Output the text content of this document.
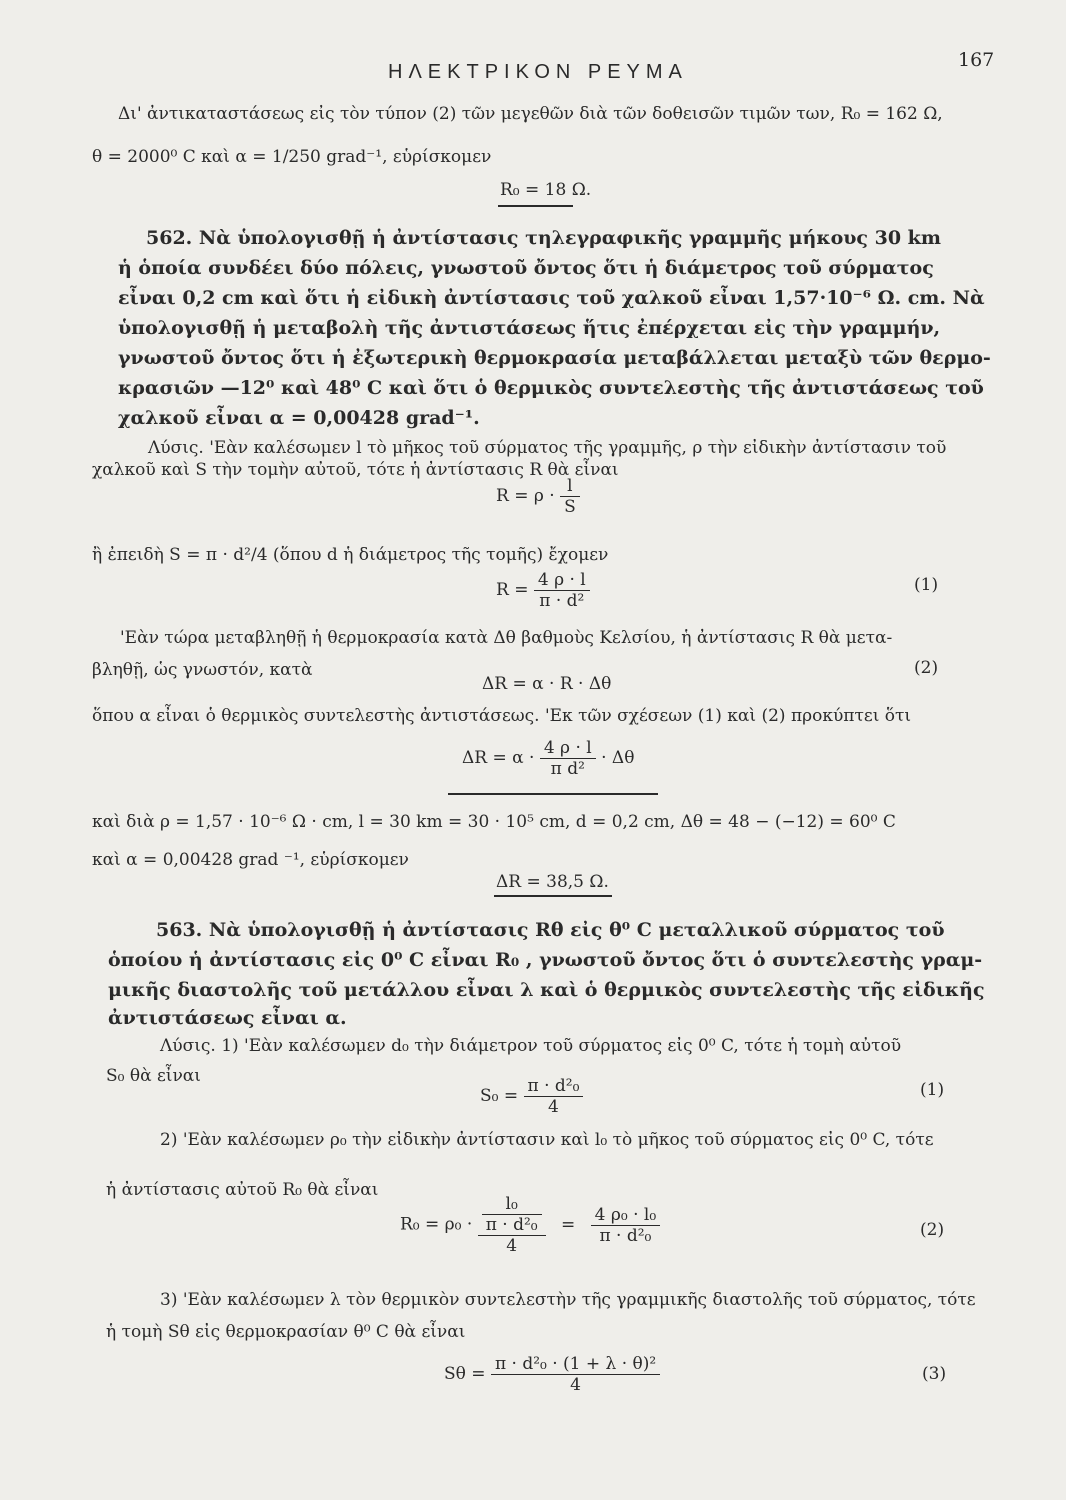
ΗΛΕΚΤΡΙΚΟΝ ΡΕΥΜΑ
167
Δι' ἀντικαταστάσεως εἰς τὸν τύπον (2) τῶν μεγεθῶν διὰ τῶν δοθεισῶν τιμῶν των, R₀ = 162 Ω,
θ = 2000⁰ C καὶ α = 1/250 grad⁻¹, εὑρίσκομεν
R₀ = 18 Ω.
562. Νὰ ὑπολογισθῇ ἡ ἀντίστασις τηλεγραφικῆς γραμμῆς μήκους 30 km
ἡ ὁποία συνδέει δύο πόλεις, γνωστοῦ ὄντος ὅτι ἡ διάμετρος τοῦ σύρματος
εἶναι 0,2 cm καὶ ὅτι ἡ εἰδικὴ ἀντίστασις τοῦ χαλκοῦ εἶναι 1,57·10⁻⁶ Ω. cm. Νὰ
ὑπολογισθῇ ἡ μεταβολὴ τῆς ἀντιστάσεως ἥτις ἐπέρχεται εἰς τὴν γραμμήν,
γνωστοῦ ὄντος ὅτι ἡ ἐξωτερικὴ θερμοκρασία μεταβάλλεται μεταξὺ τῶν θερμο-
κρασιῶν —12⁰ καὶ 48⁰ C καὶ ὅτι ὁ θερμικὸς συντελεστὴς τῆς ἀντιστάσεως τοῦ
χαλκοῦ εἶναι α = 0,00428 grad⁻¹.
Λύσις. 'Εὰν καλέσωμεν l τὸ μῆκος τοῦ σύρματος τῆς γραμμῆς, ρ τὴν εἰδικὴν ἀντίστασιν τοῦ
χαλκοῦ καὶ S τὴν τομὴν αὐτοῦ, τότε ἡ ἀντίστασις R θὰ εἶναι
$R = \rho \cdot \frac{l}{S}$
ἢ ἐπειδὴ S = π · d²/4 (ὅπου d ἡ διάμετρος τῆς τομῆς) ἔχομεν
$R = \frac{4 \rho \cdot l}{\text{π · d²}}$	(1)
'Εὰν τώρα μεταβληθῇ ἡ θερμοκρασία κατὰ Δθ βαθμοὺς Κελσίου, ἡ ἀντίστασις R θὰ μετα-
βληθῇ, ὡς γνωστόν, κατὰ
ΔR = α · R · Δθ
(2)
ὅπου α εἶναι ὁ θερμικὸς συντελεστὴς ἀντιστάσεως. 'Εκ τῶν σχέσεων (1) καὶ (2) προκύπτει ὅτι
$\Delta R = \alpha \cdot \frac{4 \rho \cdot l}{\text{π d²}} \cdot \Delta\theta$
καὶ διὰ ρ = 1,57 · 10⁻⁶ Ω · cm, l = 30 km = 30 · 10⁵ cm, d = 0,2 cm, Δθ = 48 − (−12) = 60⁰ C
καὶ α = 0,00428 grad ⁻¹, εὑρίσκομεν
ΔR = 38,5 Ω.
563. Νὰ ὑπολογισθῇ ἡ ἀντίστασις Rθ εἰς θ⁰ C μεταλλικοῦ σύρματος τοῦ
ὁποίου ἡ ἀντίστασις εἰς 0⁰ C εἶναι R₀ , γνωστοῦ ὄντος ὅτι ὁ συντελεστὴς γραμ-
μικῆς διαστολῆς τοῦ μετάλλου εἶναι λ καὶ ὁ θερμικὸς συντελεστὴς τῆς εἰδικῆς
ἀντιστάσεως εἶναι α.
Λύσις. 1) 'Εὰν καλέσωμεν d₀ τὴν διάμετρον τοῦ σύρματος εἰς 0⁰ C, τότε ἡ τομὴ αὐτοῦ
S₀ θὰ εἶναι
$S_0 = \frac{\text{π · d²₀}}{4}$	(1)
2) 'Εὰν καλέσωμεν ρ₀ τὴν εἰδικὴν ἀντίστασιν καὶ l₀ τὸ μῆκος τοῦ σύρματος εἰς 0⁰ C, τότε
ἡ ἀντίστασις αὐτοῦ R₀ θὰ εἶναι
$R_0 = \rho_0 \cdot \frac{\frac{\text{l₀}}{\text{π · d²₀}}}{4} = \frac{\text{4 ρ₀ · l₀}}{\text{π · d²₀}}$	(2)
3) 'Εὰν καλέσωμεν λ τὸν θερμικὸν συντελεστὴν τῆς γραμμικῆς διαστολῆς τοῦ σύρματος, τότε
ἡ τομὴ Sθ εἰς θερμοκρασίαν θ⁰ C θὰ εἶναι
$S\theta = \frac{\text{π · d²₀ · (1 + λ · θ)²}}{4}$	(3)
